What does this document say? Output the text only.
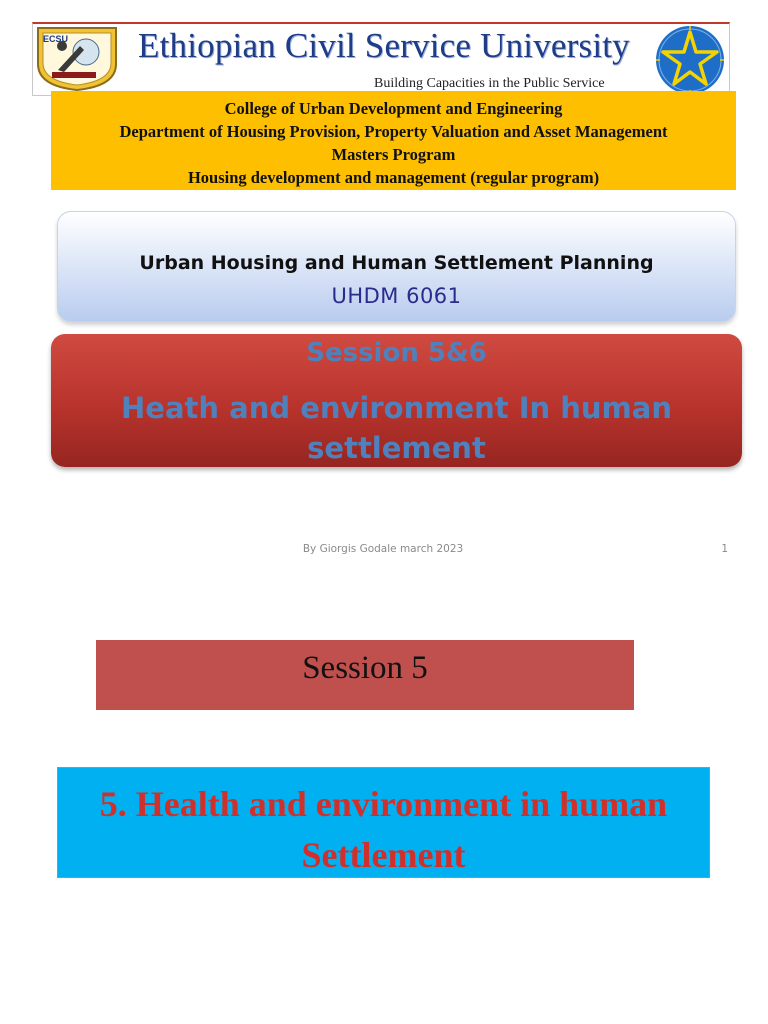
ECSU Ethiopian Civil Service University
Building Capacities in the Public Service
College of Urban Development and Engineering
Department of Housing Provision, Property Valuation and Asset Management
Masters Program
Housing development and management (regular program)
Urban Housing and Human Settlement Planning
UHDM 6061
Session 5&6
Heath and environment In human settlement
By Giorgis Godale march 2023	1
Session 5
5. Health and environment in human Settlement
